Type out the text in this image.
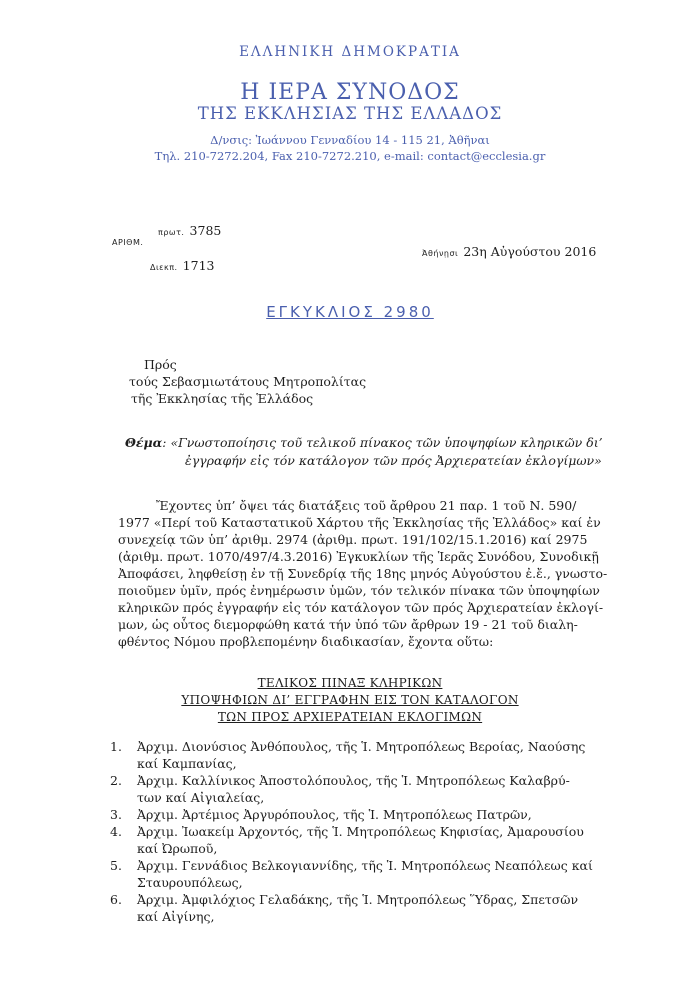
ΕΛΛΗΝΙΚΗ ΔΗΜΟΚΡΑΤΙΑ
Η ΙΕΡΑ ΣΥΝΟΔΟΣ
ΤΗΣ ΕΚΚΛΗΣΙΑΣ ΤΗΣ ΕΛΛΑΔΟΣ
Δ/νσις: Ἰωάννου Γενναδίου 14 - 115 21, Ἀθῆναι
Τηλ. 210-7272.204, Fax 210-7272.210, e-mail: contact@ecclesia.gr
πρωτ. 3785
ΑΡΙΘΜ.
Διεκπ. 1713
Ἀθήνῃσι 23η Αὐγούστου 2016
ΕΓΚΥΚΛΙΟΣ 2980
Πρός
τούς Σεβασμιωτάτους Μητροπολίτας
τῆς Ἐκκλησίας τῆς Ἑλλάδος
Θέμα: «Γνωστοποίησις τοῦ τελικοῦ πίνακος τῶν ὑποψηφίων κληρικῶν δι’
ἐγγραφήν εἰς τόν κατάλογον τῶν πρός Ἀρχιερατείαν ἐκλογίμων»
Ἔχοντες ὑπ’ ὄψει τάς διατάξεις τοῦ ἄρθρου 21 παρ. 1 τοῦ Ν. 590/
1977 «Περί τοῦ Καταστατικοῦ Χάρτου τῆς Ἐκκλησίας τῆς Ἑλλάδος» καί ἐν
συνεχείᾳ τῶν ὑπ’ ἀριθμ. 2974 (ἀριθμ. πρωτ. 191/102/15.1.2016) καί 2975
(ἀριθμ. πρωτ. 1070/497/4.3.2016) Ἐγκυκλίων τῆς Ἱερᾶς Συνόδου, Συνοδικῇ
Ἀποφάσει, ληφθείσῃ ἐν τῇ Συνεδρίᾳ τῆς 18ης μηνός Αὐγούστου ἐ.ἔ., γνωστο-
ποιοῦμεν ὑμῖν, πρός ἐνημέρωσιν ὑμῶν, τόν τελικόν πίνακα τῶν ὑποψηφίων
κληρικῶν πρός ἐγγραφήν εἰς τόν κατάλογον τῶν πρός Ἀρχιερατείαν ἐκλογί-
μων, ὡς οὗτος διεμορφώθη κατά τήν ὑπό τῶν ἄρθρων 19 - 21 τοῦ διαλη-
φθέντος Νόμου προβλεπομένην διαδικασίαν, ἔχοντα οὕτω:
ΤΕΛΙΚΟΣ ΠΙΝΑΞ ΚΛΗΡΙΚΩΝ
ΥΠΟΨΗΦΙΩΝ ΔΙ’ ΕΓΓΡΑΦΗΝ ΕΙΣ ΤΟΝ ΚΑΤΑΛΟΓΟΝ
ΤΩΝ ΠΡΟΣ ΑΡΧΙΕΡΑΤΕΙΑΝ ΕΚΛΟΓΙΜΩΝ
1. Ἀρχιμ. Διονύσιος Ἀνθόπουλος, τῆς Ἱ. Μητροπόλεως Βεροίας, Ναούσης
καί Καμπανίας,
2. Ἀρχιμ. Καλλίνικος Ἀποστολόπουλος, τῆς Ἱ. Μητροπόλεως Καλαβρύ-
των καί Αἰγιαλείας,
3. Ἀρχιμ. Ἀρτέμιος Ἀργυρόπουλος, τῆς Ἱ. Μητροπόλεως Πατρῶν,
4. Ἀρχιμ. Ἰωακείμ Ἀρχοντός, τῆς Ἱ. Μητροπόλεως Κηφισίας, Ἀμαρουσίου
καί Ὠρωποῦ,
5. Ἀρχιμ. Γεννάδιος Βελκογιαννίδης, τῆς Ἱ. Μητροπόλεως Νεαπόλεως καί
Σταυρουπόλεως,
6. Ἀρχιμ. Ἀμφιλόχιος Γελαδάκης, τῆς Ἱ. Μητροπόλεως Ὕδρας, Σπετσῶν
καί Αἰγίνης,
